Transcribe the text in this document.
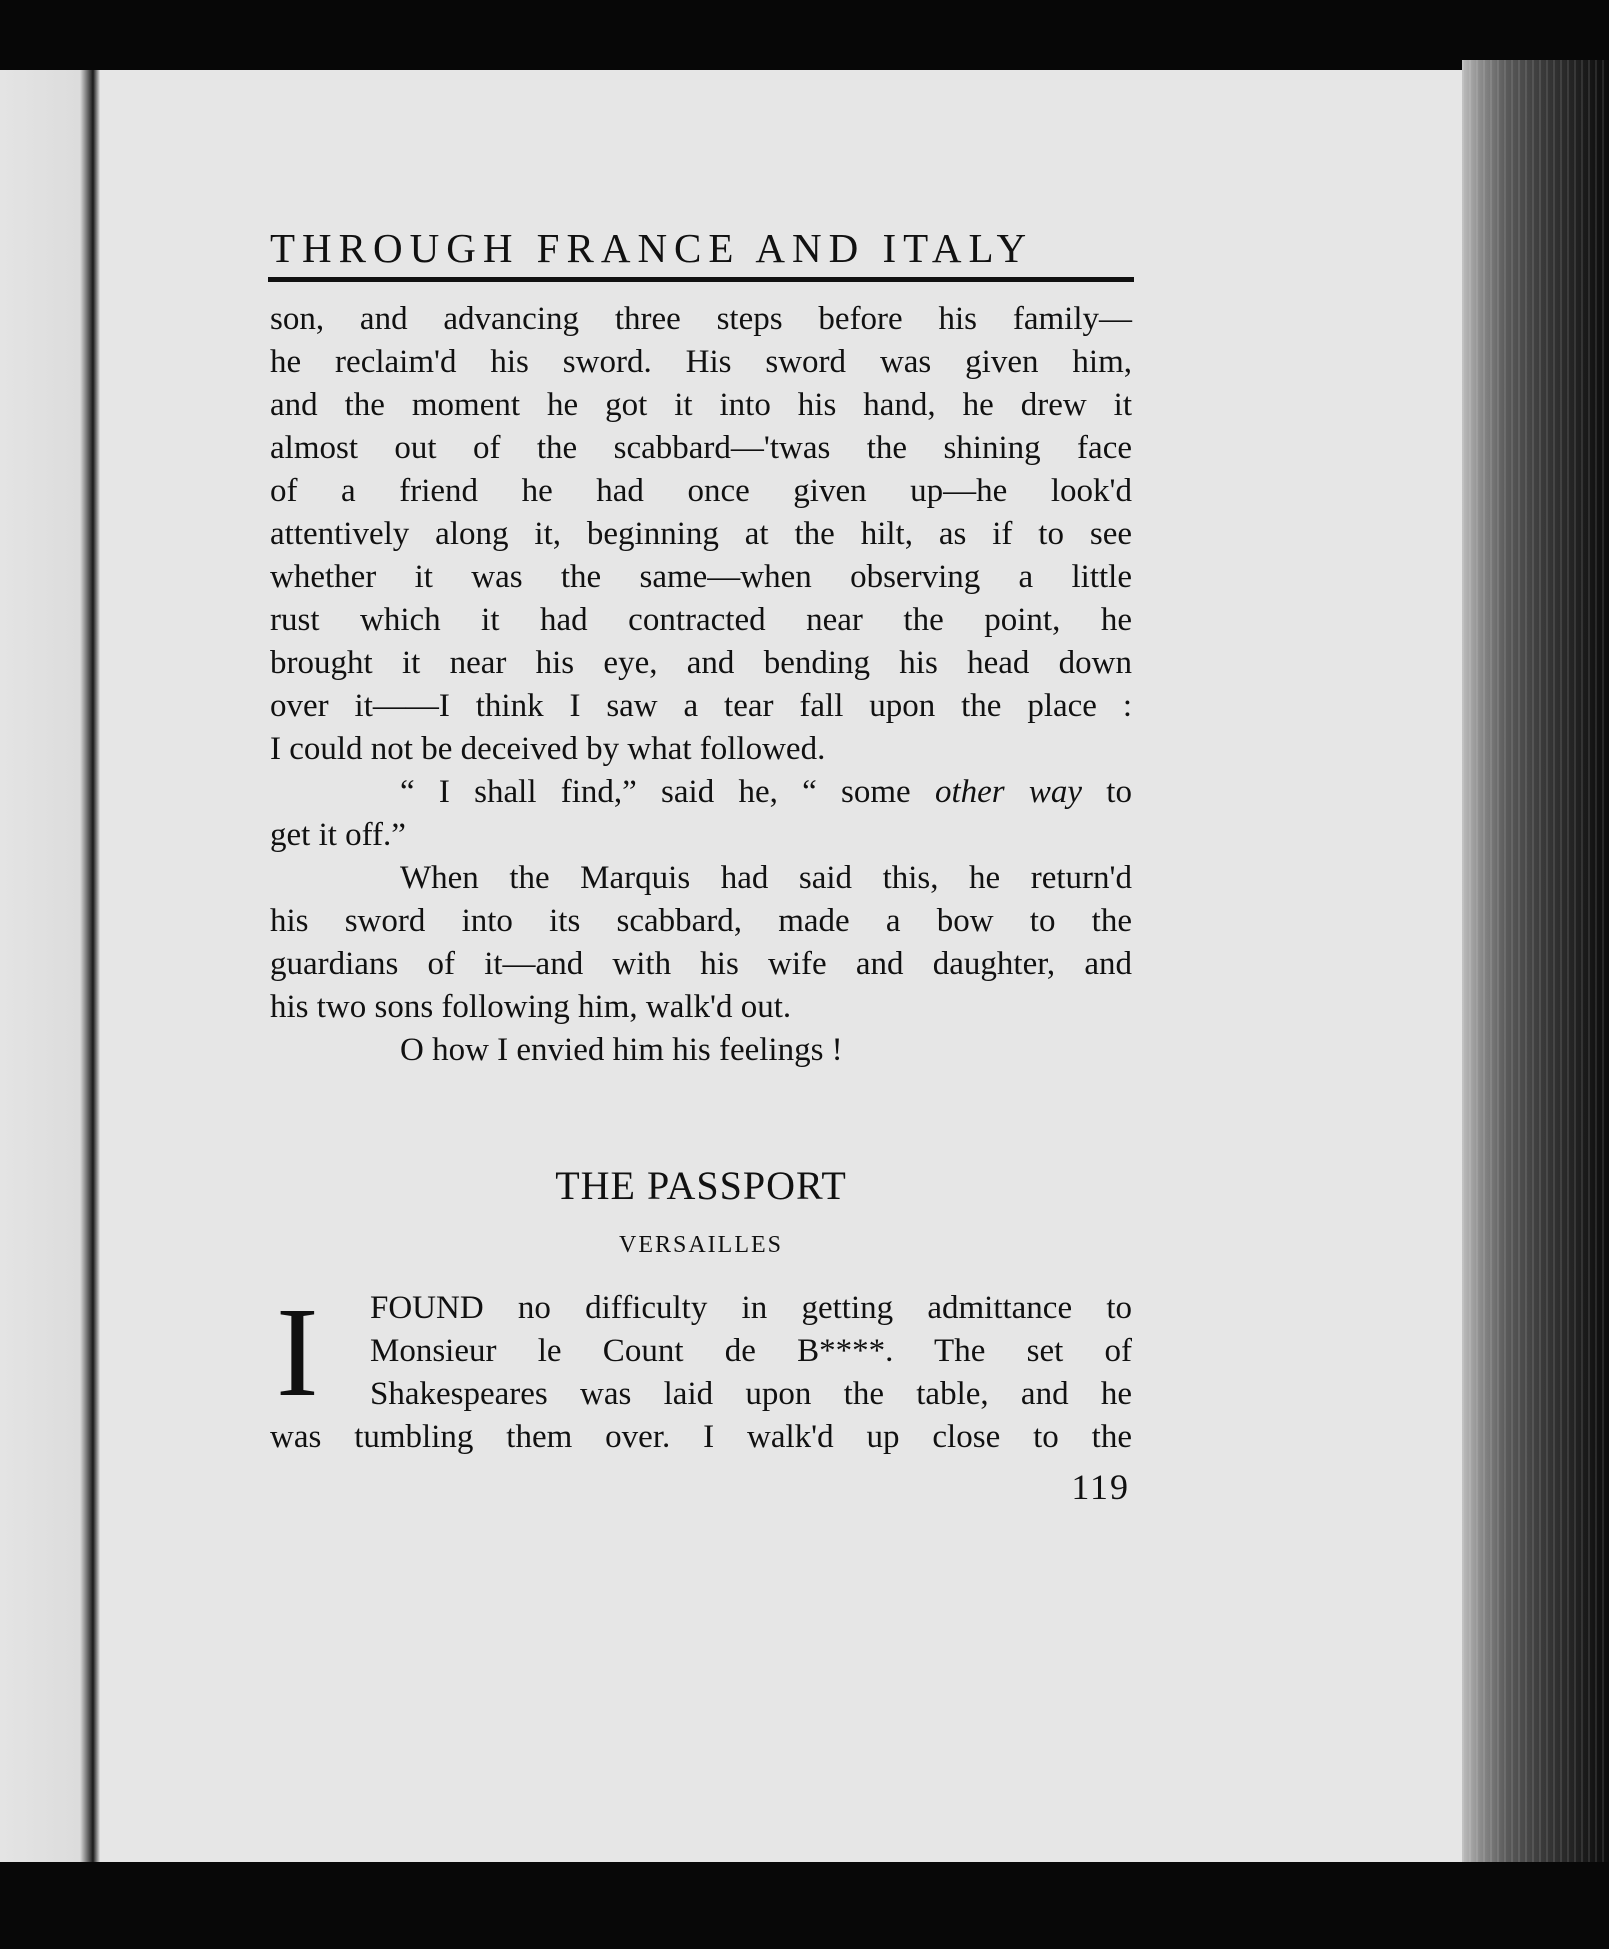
THROUGH FRANCE AND ITALY
son, and advancing three steps before his family—
he reclaim'd his sword. His sword was given him,
and the moment he got it into his hand, he drew it
almost out of the scabbard—'twas the shining face
of a friend he had once given up—he look'd
attentively along it, beginning at the hilt, as if to see
whether it was the same—when observing a little
rust which it had contracted near the point, he
brought it near his eye, and bending his head down
over it——I think I saw a tear fall upon the place :
I could not be deceived by what followed.
“ I shall find,” said he, “ some other way to
get it off.”
When the Marquis had said this, he return'd
his sword into its scabbard, made a bow to the
guardians of it—and with his wife and daughter, and
his two sons following him, walk'd out.
O how I envied him his feelings !
THE PASSPORT
VERSAILLES
I	FOUND no difficulty in getting admittance to
Monsieur le Count de B****. The set of
Shakespeares was laid upon the table, and he
was tumbling them over. I walk'd up close to the
119
